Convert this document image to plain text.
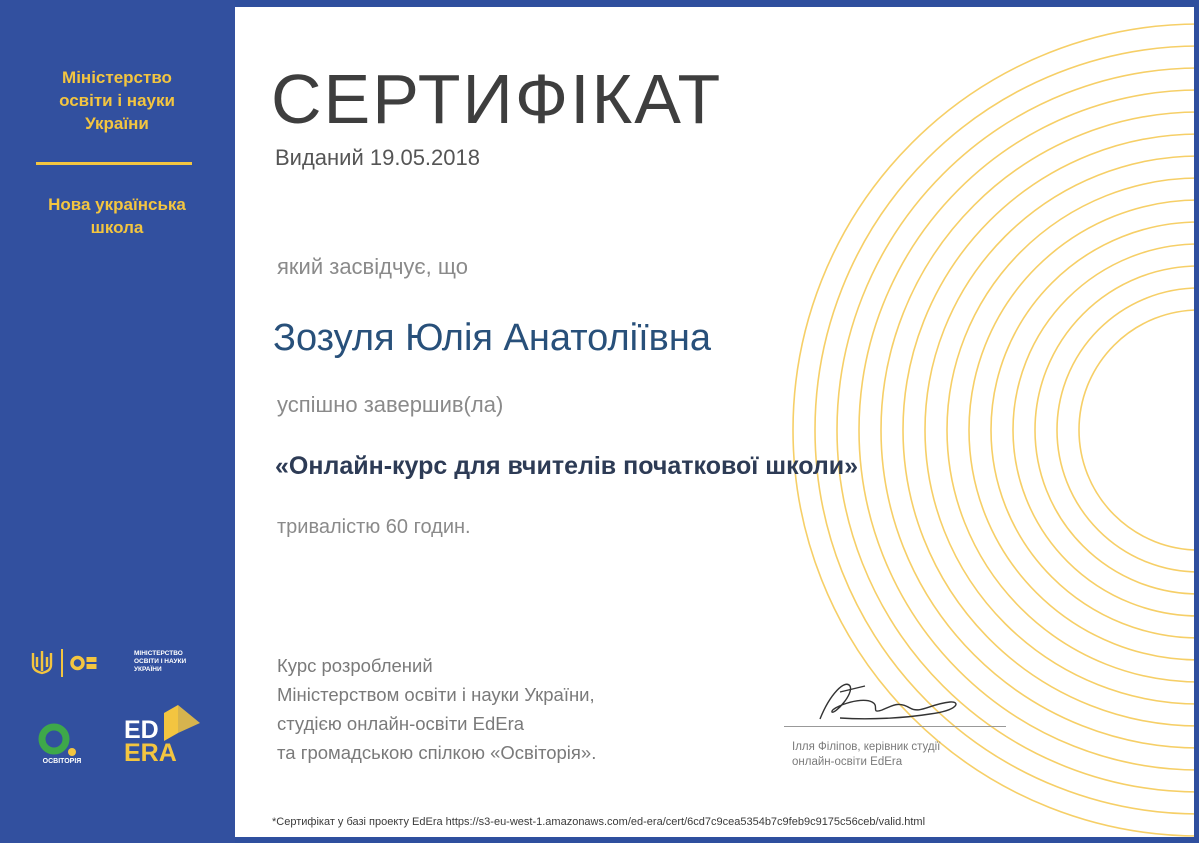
Міністерство
освіти і науки
України
Нова українська
школа
МІНІСТЕРСТВО
ОСВІТИ І НАУКИ
УКРАЇНИ
ОСВІТОРІЯ
ED
ERA
СЕРТИФІКАТ
Виданий 19.05.2018
який засвідчує, що
Зозуля Юлія Анатоліївна
успішно завершив(ла)
«Онлайн-курс для вчителів початкової школи»
тривалістю 60 годин.
Курс розроблений
Міністерством освіти і науки України,
студією онлайн-освіти EdEra
та громадською спілкою «Освіторія».	Ілля Філіпов, керівник студії
онлайн-освіти EdEra
*Сертифікат у базі проекту EdEra https://s3-eu-west-1.amazonaws.com/ed-era/cert/6cd7c9cea5354b7c9feb9c9175c56ceb/valid.html
